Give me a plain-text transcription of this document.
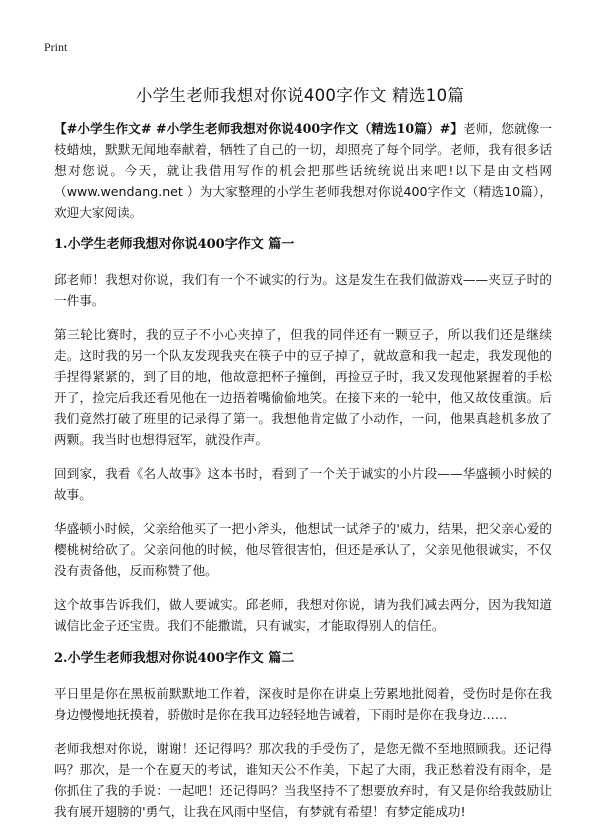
Print
小学生老师我想对你说400字作文 精选10篇

【#小学生作文# #小学生老师我想对你说400字作文（精选10篇）#】老师，您就像一枝蜡烛，默默无闻地奉献着，牺牲了自己的一切，却照亮了每个同学。老师，我有很多话想对您说。今天，就让我借用写作的机会把那些话统统说出来吧!以下是由文档网（www.wendang.net ）为大家整理的小学生老师我想对你说400字作文（精选10篇），欢迎大家阅读。

1.小学生老师我想对你说400字作文 篇一

邱老师！我想对你说，我们有一个不诚实的行为。这是发生在我们做游戏——夹豆子时的一件事。

第三轮比赛时，我的豆子不小心夹掉了，但我的同伴还有一颗豆子，所以我们还是继续走。这时我的另一个队友发现我夹在筷子中的豆子掉了，就故意和我一起走，我发现他的手捏得紧紧的，到了目的地，他故意把杯子撞倒，再捡豆子时，我又发现他紧握着的手松开了，捡完后我还看见他在一边捂着嘴偷偷地笑。在接下来的一轮中，他又故伎重演。后我们竟然打破了班里的记录得了第一。我想他肯定做了小动作，一问，他果真趁机多放了两颗。我当时也想得冠军，就没作声。

回到家，我看《名人故事》这本书时，看到了一个关于诚实的小片段——华盛顿小时候的故事。

华盛顿小时候，父亲给他买了一把小斧头，他想试一试斧子的'威力，结果，把父亲心爱的樱桃树给砍了。父亲问他的时候，他尽管很害怕，但还是承认了，父亲见他很诚实，不仅没有责备他，反而称赞了他。

这个故事告诉我们，做人要诚实。邱老师，我想对你说，请为我们减去两分，因为我知道诚信比金子还宝贵。我们不能撒谎，只有诚实，才能取得别人的信任。

2.小学生老师我想对你说400字作文 篇二

平日里是你在黑板前默默地工作着，深夜时是你在讲桌上劳累地批阅着，受伤时是你在我身边慢慢地抚摸着，骄傲时是你在我耳边轻轻地告诫着，下雨时是你在我身边……

老师我想对你说，谢谢！还记得吗？那次我的手受伤了，是您无微不至地照顾我。还记得吗？那次，是一个在夏天的考试，谁知天公不作美，下起了大雨，我正愁着没有雨伞，是你抓住了我的手说：一起吧！还记得吗？当我坚持不了想要放弃时，有又是你给我鼓励让我有展开翅膀的'勇气，让我在风雨中坚信，有梦就有希望！有梦定能成功!
